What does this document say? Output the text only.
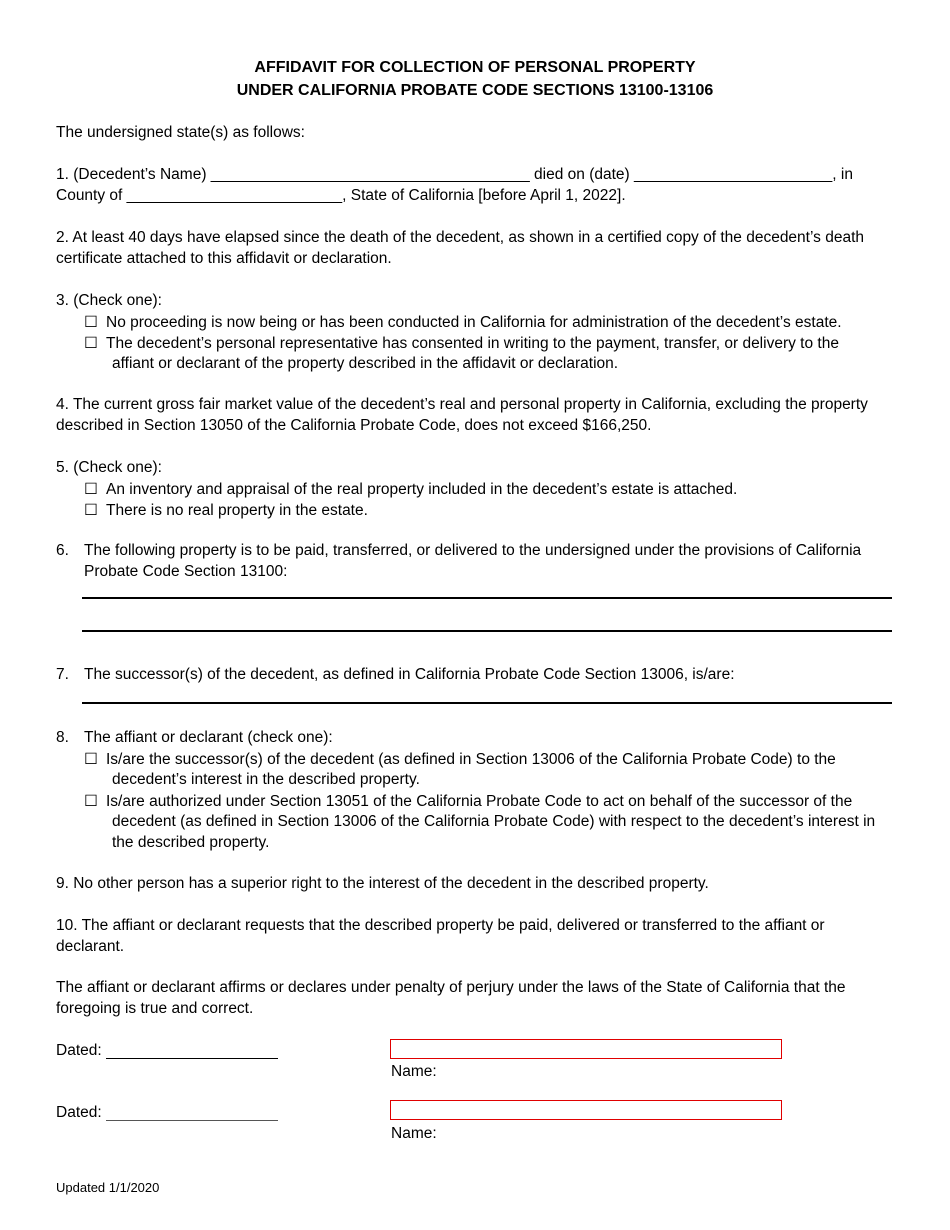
AFFIDAVIT FOR COLLECTION OF PERSONAL PROPERTY
UNDER CALIFORNIA PROBATE CODE SECTIONS 13100-13106
The undersigned state(s) as follows:
1. (Decedent’s Name) _____________________________________ died on (date) _______________________, in
County of _________________________, State of California [before April 1, 2022].
2. At least 40 days have elapsed since the death of the decedent, as shown in a certified copy of the decedent’s death
certificate attached to this affidavit or declaration.
3. (Check one):
☐ No proceeding is now being or has been conducted in California for administration of the decedent’s estate.
☐ The decedent’s personal representative has consented in writing to the payment, transfer, or delivery to the
affiant or declarant of the property described in the affidavit or declaration.
4. The current gross fair market value of the decedent’s real and personal property in California, excluding the property
described in Section 13050 of the California Probate Code, does not exceed $166,250.
5. (Check one):
☐ An inventory and appraisal of the real property included in the decedent’s estate is attached.
☐ There is no real property in the estate.
6. The following property is to be paid, transferred, or delivered to the undersigned under the provisions of California
Probate Code Section 13100:
7. The successor(s) of the decedent, as defined in California Probate Code Section 13006, is/are:
8. The affiant or declarant (check one):
☐ Is/are the successor(s) of the decedent (as defined in Section 13006 of the California Probate Code) to the
decedent’s interest in the described property.
☐ Is/are authorized under Section 13051 of the California Probate Code to act on behalf of the successor of the
decedent (as defined in Section 13006 of the California Probate Code) with respect to the decedent’s interest in
the described property.
9. No other person has a superior right to the interest of the decedent in the described property.
10. The affiant or declarant requests that the described property be paid, delivered or transferred to the affiant or
declarant.
The affiant or declarant affirms or declares under penalty of perjury under the laws of the State of California that the
foregoing is true and correct.
Dated:
Name:
Dated:
Name:
Updated 1/1/2020
